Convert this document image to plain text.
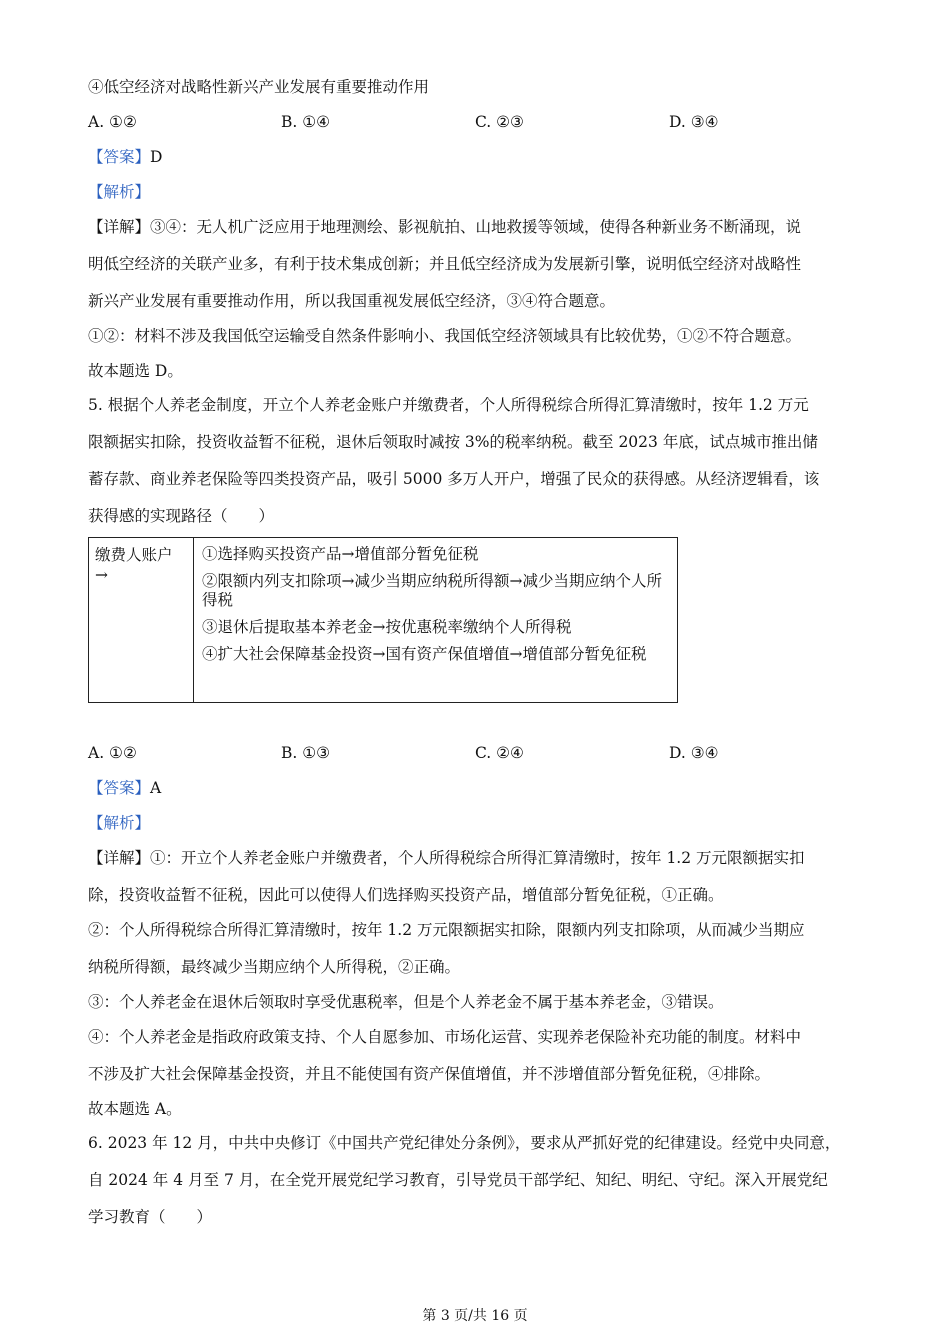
④低空经济对战略性新兴产业发展有重要推动作用
A. ①②	B. ①④	C. ②③	D. ③④
【答案】D
【解析】
【详解】③④：无人机广泛应用于地理测绘、影视航拍、山地救援等领域，使得各种新业务不断涌现，说
明低空经济的关联产业多，有利于技术集成创新；并且低空经济成为发展新引擎，说明低空经济对战略性
新兴产业发展有重要推动作用，所以我国重视发展低空经济，③④符合题意。
①②：材料不涉及我国低空运输受自然条件影响小、我国低空经济领域具有比较优势，①②不符合题意。
故本题选 D。
5. 根据个人养老金制度，开立个人养老金账户并缴费者，个人所得税综合所得汇算清缴时，按年 1.2 万元
限额据实扣除，投资收益暂不征税，退休后领取时减按 3%的税率纳税。截至 2023 年底，试点城市推出储
蓄存款、商业养老保险等四类投资产品，吸引 5000 多万人开户，增强了民众的获得感。从经济逻辑看，该
获得感的实现路径（　　）
缴费人账户
→
①选择购买投资产品→增值部分暂免征税
②限额内列支扣除项→减少当期应纳税所得额→减少当期应纳个人所得税
③退休后提取基本养老金→按优惠税率缴纳个人所得税
④扩大社会保障基金投资→国有资产保值增值→增值部分暂免征税
A. ①②	B. ①③	C. ②④	D. ③④
【答案】A
【解析】
【详解】①：开立个人养老金账户并缴费者，个人所得税综合所得汇算清缴时，按年 1.2 万元限额据实扣
除，投资收益暂不征税，因此可以使得人们选择购买投资产品，增值部分暂免征税，①正确。
②：个人所得税综合所得汇算清缴时，按年 1.2 万元限额据实扣除，限额内列支扣除项，从而减少当期应
纳税所得额，最终减少当期应纳个人所得税，②正确。
③：个人养老金在退休后领取时享受优惠税率，但是个人养老金不属于基本养老金，③错误。
④：个人养老金是指政府政策支持、个人自愿参加、市场化运营、实现养老保险补充功能的制度。材料中
不涉及扩大社会保障基金投资，并且不能使国有资产保值增值，并不涉增值部分暂免征税，④排除。
故本题选 A。
6. 2023 年 12 月，中共中央修订《中国共产党纪律处分条例》，要求从严抓好党的纪律建设。经党中央同意，
自 2024 年 4 月至 7 月，在全党开展党纪学习教育，引导党员干部学纪、知纪、明纪、守纪。深入开展党纪
学习教育（　　）
第 3 页/共 16 页
